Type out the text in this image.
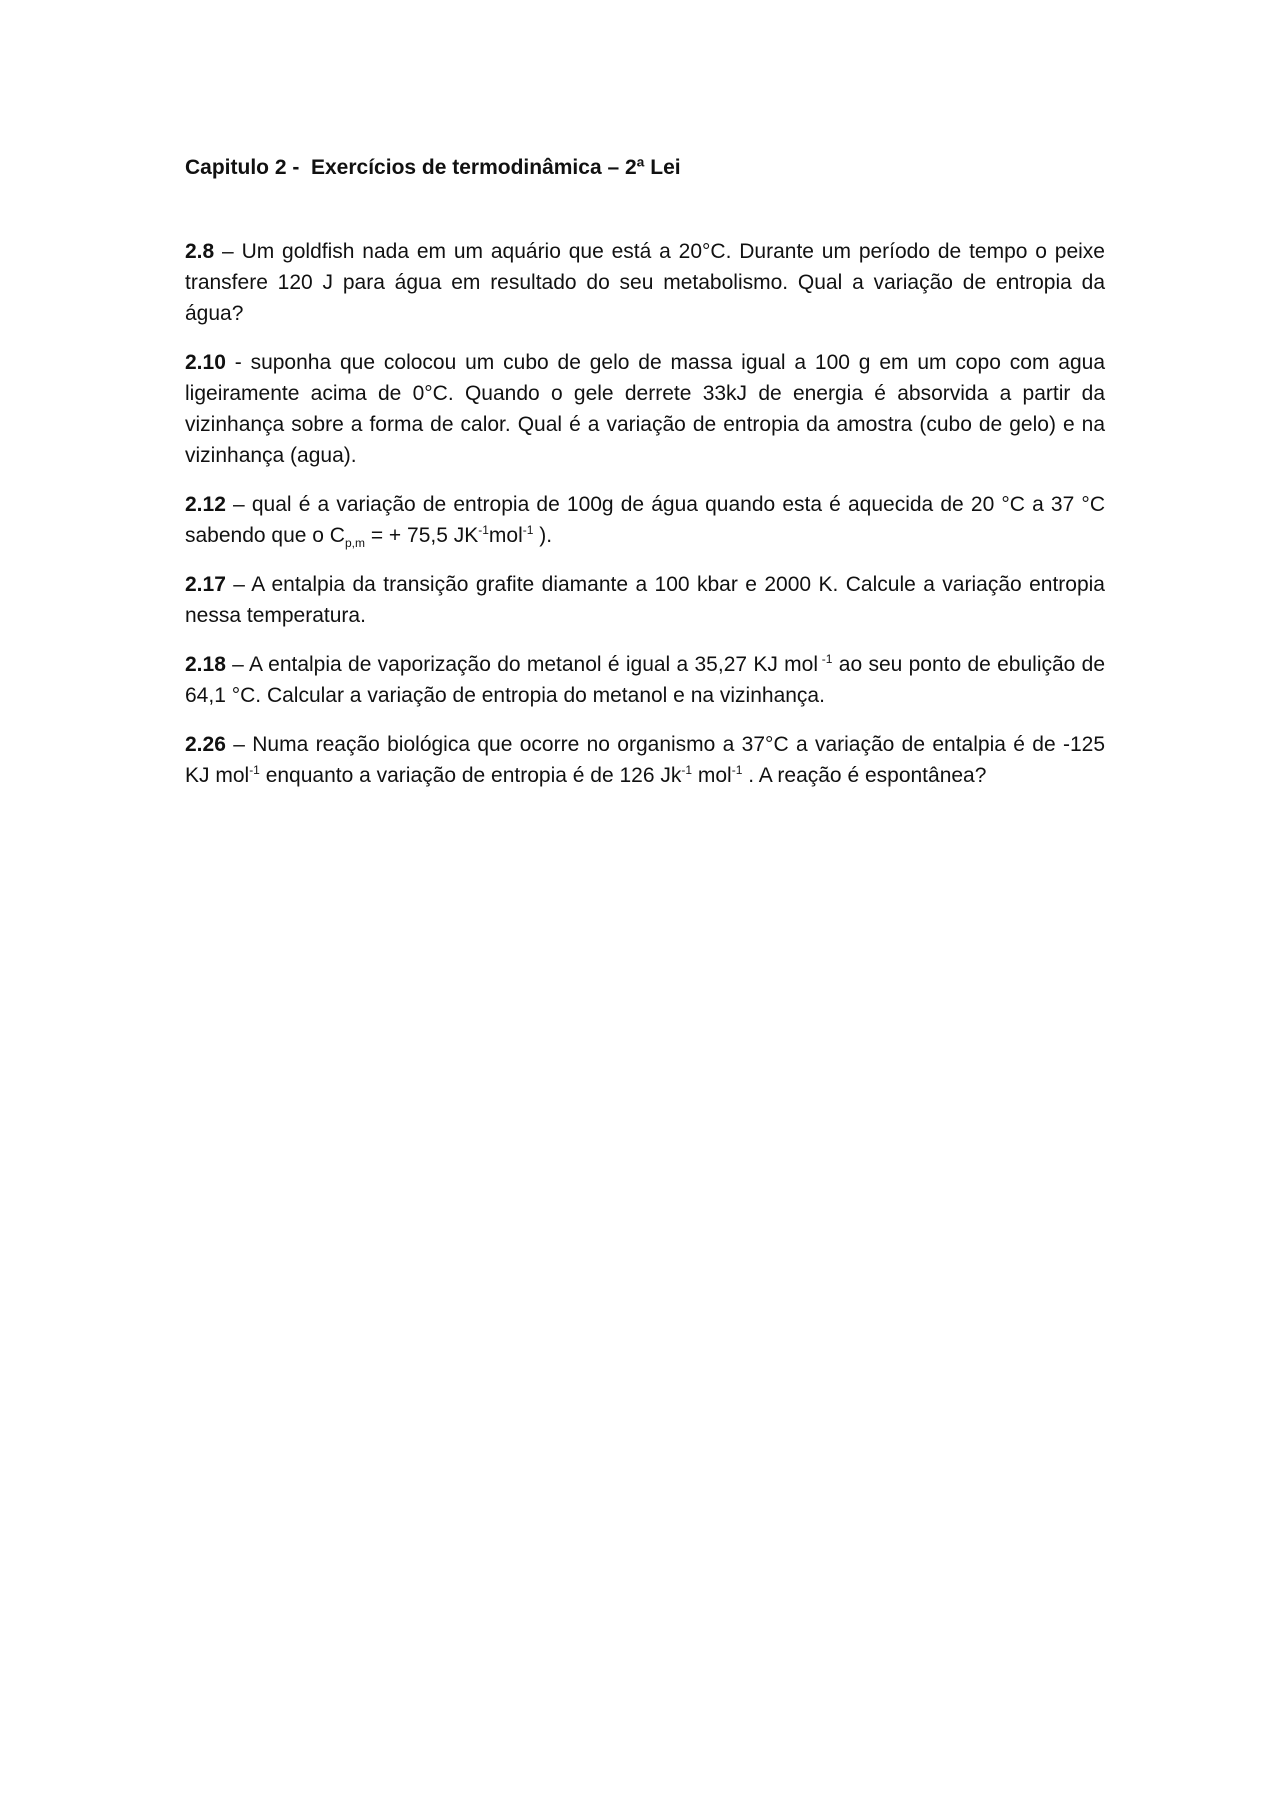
Capitulo 2 -  Exercícios de termodinâmica – 2ª Lei

2.8 – Um goldfish nada em um aquário que está a 20°C. Durante um período de tempo o peixe transfere 120 J para água em resultado do seu metabolismo. Qual a variação de entropia da água?

2.10 - suponha que colocou um cubo de gelo de massa igual a 100 g em um copo com agua ligeiramente acima de 0°C. Quando o gele derrete 33kJ de energia é absorvida a partir da vizinhança sobre a forma de calor. Qual é a variação de entropia da amostra (cubo de gelo) e na vizinhança (agua).

2.12 – qual é a variação de entropia de 100g de água quando esta é aquecida de 20 °C a 37 °C sabendo que o $C_{p,m}$ = + 75,5 $JK^{-1}mol^{-1}$ ).

2.17 – A entalpia da transição grafite diamante a 100 kbar e 2000 K. Calcule a variação entropia nessa temperatura.

2.18 – A entalpia de vaporização do metanol é igual a 35,27 KJ mol $^{-1}$ ao seu ponto de ebulição de 64,1 °C. Calcular a variação de entropia do metanol e na vizinhança.

2.26 – Numa reação biológica que ocorre no organismo a 37°C a variação de entalpia é de -125 KJ mol$^{-1}$ enquanto a variação de entropia é de 126 $Jk^{-1}$ mol$^{-1}$ . A reação é espontânea?
